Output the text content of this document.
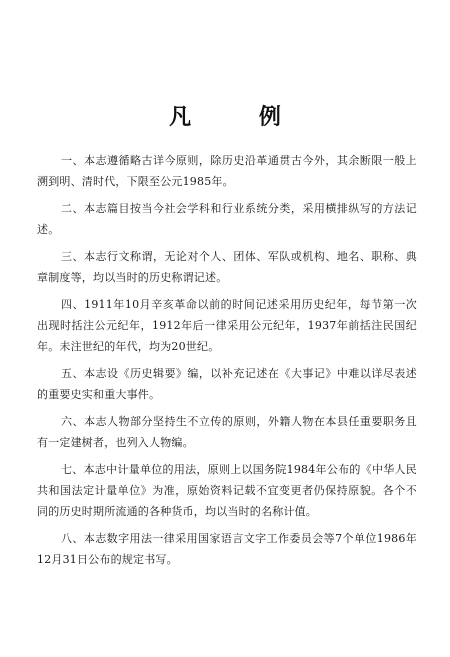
凡 例

一、本志遵循略古详今原则，除历史沿革通贯古今外，其余断限一般上溯到明、清时代，下限至公元1985年。

二、本志篇目按当今社会学科和行业系统分类，采用横排纵写的方法记述。

三、本志行文称谓，无论对个人、团体、军队或机构、地名、职称、典章制度等，均以当时的历史称谓记述。

四、1911年10月辛亥革命以前的时间记述采用历史纪年，每节第一次出现时括注公元纪年，1912年后一律采用公元纪年，1937年前括注民国纪年。未注世纪的年代，均为20世纪。

五、本志设《历史辑要》编，以补充记述在《大事记》中难以详尽表述的重要史实和重大事件。

六、本志人物部分坚持生不立传的原则，外籍人物在本县任重要职务且有一定建树者，也列入人物编。

七、本志中计量单位的用法，原则上以国务院1984年公布的《中华人民共和国法定计量单位》为准，原始资料记载不宜变更者仍保持原貌。各个不同的历史时期所流通的各种货币，均以当时的名称计值。

八、本志数字用法一律采用国家语言文字工作委员会等7个单位1986年12月31日公布的规定书写。
